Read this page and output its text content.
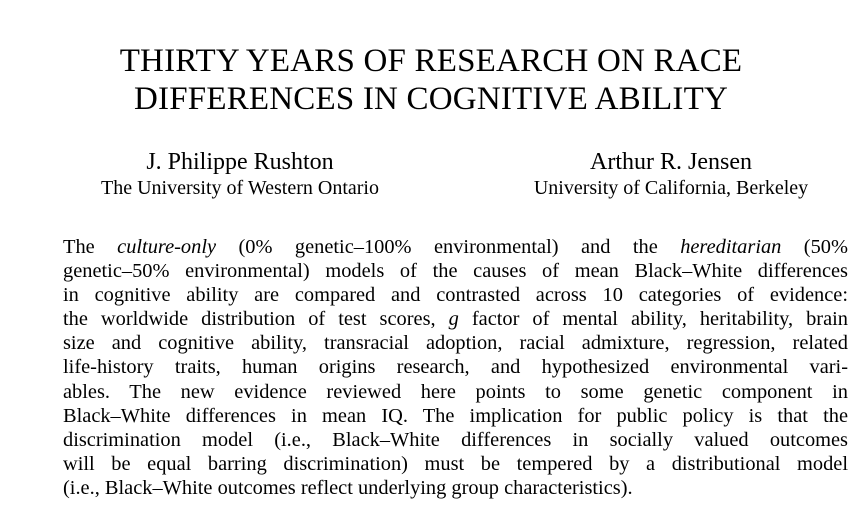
THIRTY YEARS OF RESEARCH ON RACE
DIFFERENCES IN COGNITIVE ABILITY
J. Philippe Rushton
The University of Western Ontario
Arthur R. Jensen
University of California, Berkeley
The culture-only (0% genetic–100% environmental) and the hereditarian (50%
genetic–50% environmental) models of the causes of mean Black–White differences
in cognitive ability are compared and contrasted across 10 categories of evidence:
the worldwide distribution of test scores, g factor of mental ability, heritability, brain
size and cognitive ability, transracial adoption, racial admixture, regression, related
life-history traits, human origins research, and hypothesized environmental vari-
ables. The new evidence reviewed here points to some genetic component in
Black–White differences in mean IQ. The implication for public policy is that the
discrimination model (i.e., Black–White differences in socially valued outcomes
will be equal barring discrimination) must be tempered by a distributional model
(i.e., Black–White outcomes reflect underlying group characteristics).
